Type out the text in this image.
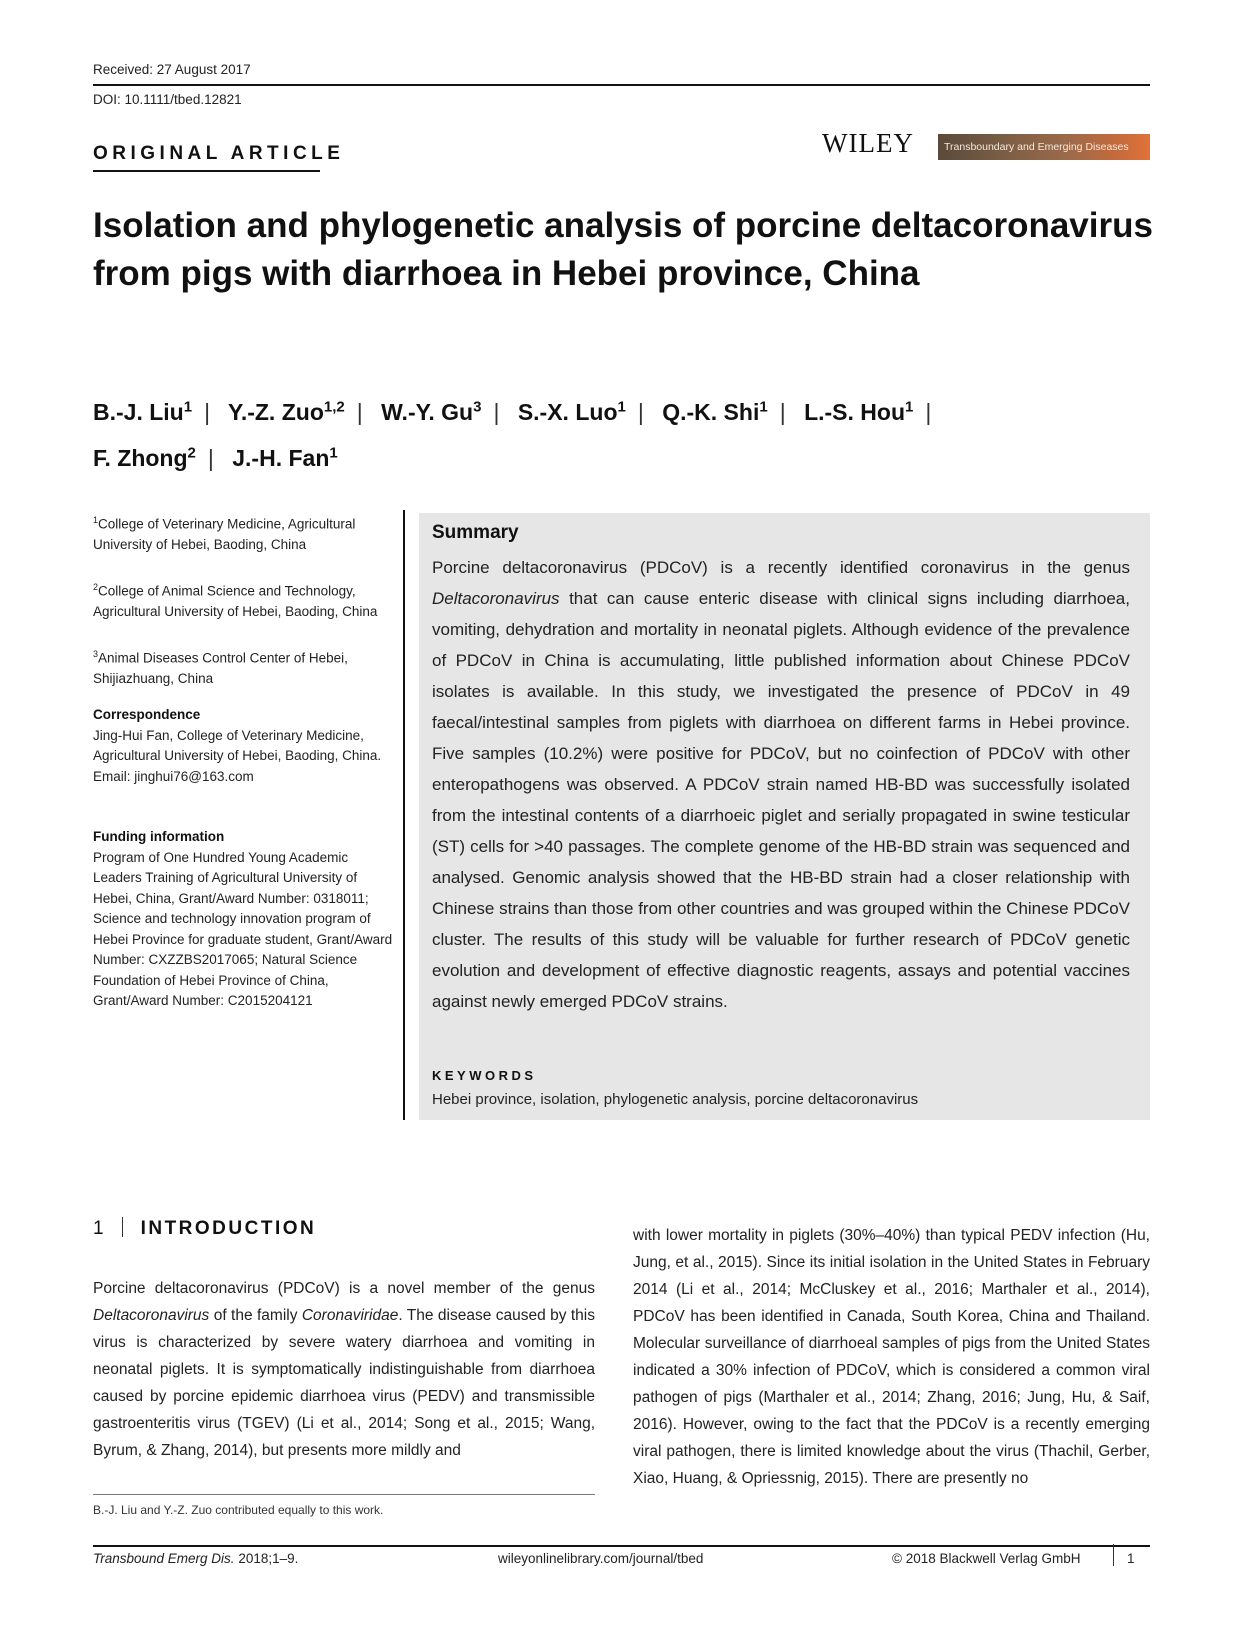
Received: 27 August 2017
DOI: 10.1111/tbed.12821
ORIGINAL ARTICLE	WILEY	Transboundary and Emerging Diseases
Isolation and phylogenetic analysis of porcine deltacoronavirus from pigs with diarrhoea in Hebei province, China
B.-J. Liu$^1$ | Y.-Z. Zuo$^{1,2}$ | W.-Y. Gu$^3$ | S.-X. Luo$^1$ | Q.-K. Shi$^1$ | L.-S. Hou$^1$ |
F. Zhong$^2$ | J.-H. Fan$^1$
$^1$College of Veterinary Medicine, Agricultural University of Hebei, Baoding, China
$^2$College of Animal Science and Technology, Agricultural University of Hebei, Baoding, China
$^3$Animal Diseases Control Center of Hebei, Shijiazhuang, China
Correspondence
Jing-Hui Fan, College of Veterinary Medicine, Agricultural University of Hebei, Baoding, China.
Email: jinghui76@163.com
Funding information
Program of One Hundred Young Academic Leaders Training of Agricultural University of Hebei, China, Grant/Award Number: 0318011; Science and technology innovation program of Hebei Province for graduate student, Grant/Award Number: CXZZBS2017065; Natural Science Foundation of Hebei Province of China, Grant/Award Number: C2015204121
Summary
Porcine deltacoronavirus (PDCoV) is a recently identified coronavirus in the genus Deltacoronavirus that can cause enteric disease with clinical signs including diarrhoea, vomiting, dehydration and mortality in neonatal piglets. Although evidence of the prevalence of PDCoV in China is accumulating, little published information about Chinese PDCoV isolates is available. In this study, we investigated the presence of PDCoV in 49 faecal/intestinal samples from piglets with diarrhoea on different farms in Hebei province. Five samples (10.2%) were positive for PDCoV, but no coinfection of PDCoV with other enteropathogens was observed. A PDCoV strain named HB-BD was successfully isolated from the intestinal contents of a diarrhoeic piglet and serially propagated in swine testicular (ST) cells for >40 passages. The complete genome of the HB-BD strain was sequenced and analysed. Genomic analysis showed that the HB-BD strain had a closer relationship with Chinese strains than those from other countries and was grouped within the Chinese PDCoV cluster. The results of this study will be valuable for further research of PDCoV genetic evolution and development of effective diagnostic reagents, assays and potential vaccines against newly emerged PDCoV strains.
KEYWORDS
Hebei province, isolation, phylogenetic analysis, porcine deltacoronavirus
1 INTRODUCTION
Porcine deltacoronavirus (PDCoV) is a novel member of the genus Deltacoronavirus of the family Coronaviridae. The disease caused by this virus is characterized by severe watery diarrhoea and vomiting in neonatal piglets. It is symptomatically indistinguishable from diarrhoea caused by porcine epidemic diarrhoea virus (PEDV) and transmissible gastroenteritis virus (TGEV) (Li et al., 2014; Song et al., 2015; Wang, Byrum, & Zhang, 2014), but presents more mildly and
with lower mortality in piglets (30%–40%) than typical PEDV infection (Hu, Jung, et al., 2015). Since its initial isolation in the United States in February 2014 (Li et al., 2014; McCluskey et al., 2016; Marthaler et al., 2014), PDCoV has been identified in Canada, South Korea, China and Thailand. Molecular surveillance of diarrhoeal samples of pigs from the United States indicated a 30% infection of PDCoV, which is considered a common viral pathogen of pigs (Marthaler et al., 2014; Zhang, 2016; Jung, Hu, & Saif, 2016). However, owing to the fact that the PDCoV is a recently emerging viral pathogen, there is limited knowledge about the virus (Thachil, Gerber, Xiao, Huang, & Opriessnig, 2015). There are presently no
B.-J. Liu and Y.-Z. Zuo contributed equally to this work.
Transbound Emerg Dis. 2018;1–9.	wileyonlinelibrary.com/journal/tbed	© 2018 Blackwell Verlag GmbH	1
